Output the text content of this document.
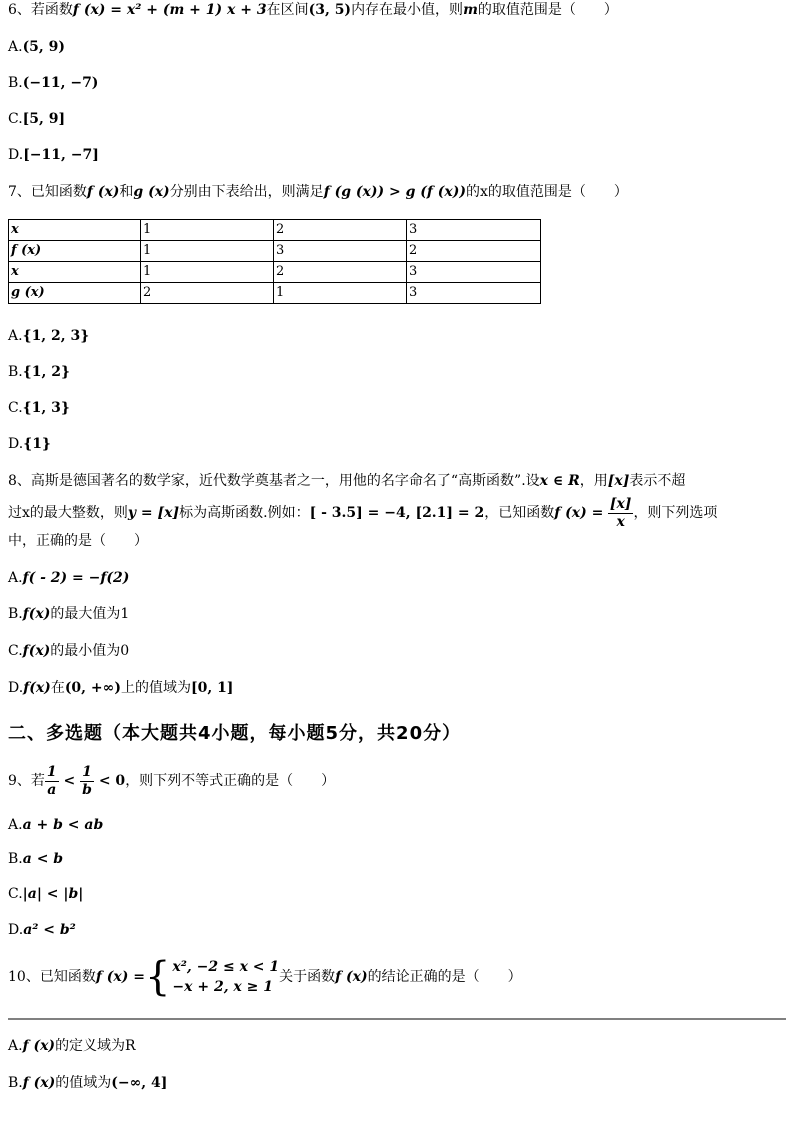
6、若函数f (x) = x² + (m + 1) x + 3在区间(3, 5)内存在最小值，则m的取值范围是（　　）
A.(5, 9)
B.(−11, −7)
C.[5, 9]
D.[−11, −7]
7、已知函数f (x)和g (x)分别由下表给出，则满足f (g (x)) > g (f (x))的x的取值范围是（　　）
x	1	2	3
f (x)	1	3	2
x	1	2	3
g (x)	2	1	3
A.{1, 2, 3}
B.{1, 2}
C.{1, 3}
D.{1}
8、高斯是德国著名的数学家，近代数学奠基者之一，用他的名字命名了“高斯函数”.设x ∈ R，用[x]表示不超
过x的最大整数，则y = [x]标为高斯函数.例如：[ - 3.5] = −4, [2.1] = 2，已知函数f $(x) = \frac{[x]}{x}$ ，则下列选项
中，正确的是（　　）
A.f( - 2) = −f(2)
B.f(x)的最大值为1
C.f(x)的最小值为0
D.f(x)在(0, +∞)上的值域为[0, 1]
二、多选题（本大题共4小题，每小题5分，共20分）
9、若 $\frac{1}{a} < \frac{1}{b} < 0$，则下列不等式正确的是（　　）
A.a + b < ab
B.a < b
C.|a| < |b|
D.a² < b²
10、已知函数f (x) ={ x², −2 ≤ x < 1
−x + 2, x ≥ 1
关于函数f (x)的结论正确的是（　　）
A.f (x)的定义域为R
B.f (x)的值域为(−∞, 4]
